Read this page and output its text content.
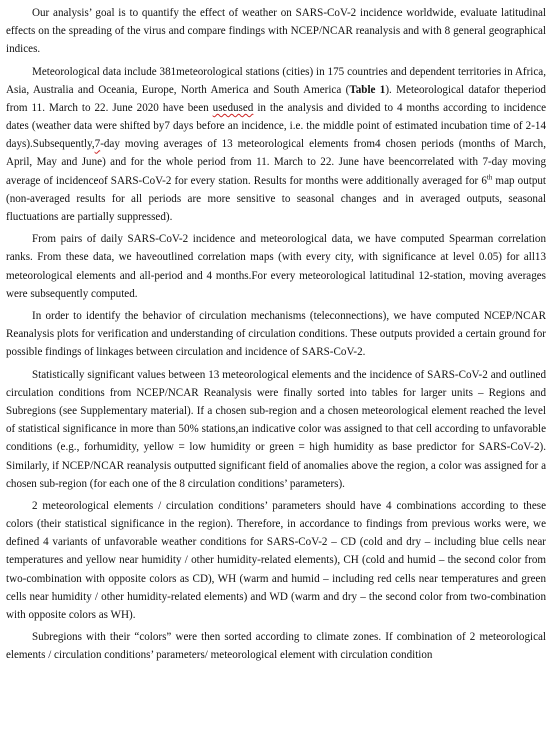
Our analysis’ goal is to quantify the effect of weather on SARS-CoV-2 incidence worldwide, evaluate latitudinal effects on the spreading of the virus and compare findings with NCEP/NCAR reanalysis and with 8 general geographical indices.

Meteorological data include 381meteorological stations (cities) in 175 countries and dependent territories in Africa, Asia, Australia and Oceania, Europe, North America and South America (Table 1). Meteorological datafor theperiod from 11. March to 22. June 2020 have been usedused in the analysis and divided to 4 months according to incidence dates (weather data were shifted by7 days before an incidence, i.e. the middle point of estimated incubation time of 2-14 days).Subsequently,7-day moving averages of 13 meteorological elements from4 chosen periods (months of March, April, May and June) and for the whole period from 11. March to 22. June have beencorrelated with 7-day moving average of incidenceof SARS-CoV-2 for every station. Results for months were additionally averaged for 6th map output (non-averaged results for all periods are more sensitive to seasonal changes and in averaged outputs, seasonal fluctuations are partially suppressed).

From pairs of daily SARS-CoV-2 incidence and meteorological data, we have computed Spearman correlation ranks. From these data, we haveoutlined correlation maps (with every city, with significance at level 0.05) for all13 meteorological elements and all-period and 4 months.For every meteorological latitudinal 12-station, moving averages were subsequently computed.

In order to identify the behavior of circulation mechanisms (teleconnections), we have computed NCEP/NCAR Reanalysis plots for verification and understanding of circulation conditions. These outputs provided a certain ground for possible findings of linkages between circulation and incidence of SARS-CoV-2.

Statistically significant values between 13 meteorological elements and the incidence of SARS-CoV-2 and outlined circulation conditions from NCEP/NCAR Reanalysis were finally sorted into tables for larger units – Regions and Subregions (see Supplementary material). If a chosen sub-region and a chosen meteorological element reached the level of statistical significance in more than 50% stations,an indicative color was assigned to that cell according to unfavorable conditions (e.g., forhumidity, yellow = low humidity or green = high humidity as base predictor for SARS-CoV-2). Similarly, if NCEP/NCAR reanalysis outputted significant field of anomalies above the region, a color was assigned for a chosen sub-region (for each one of the 8 circulation conditions’ parameters).

2 meteorological elements / circulation conditions’ parameters should have 4 combinations according to these colors (their statistical significance in the region). Therefore, in accordance to findings from previous works were, we defined 4 variants of unfavorable weather conditions for SARS-CoV-2 – CD (cold and dry – including blue cells near temperatures and yellow near humidity / other humidity-related elements), CH (cold and humid – the second color from two-combination with opposite colors as CD), WH (warm and humid – including red cells near temperatures and green cells near humidity / other humidity-related elements) and WD (warm and dry – the second color from two-combination with opposite colors as WH).

Subregions with their “colors” were then sorted according to climate zones. If combination of 2 meteorological elements / circulation conditions’ parameters/ meteorological element with circulation condition
